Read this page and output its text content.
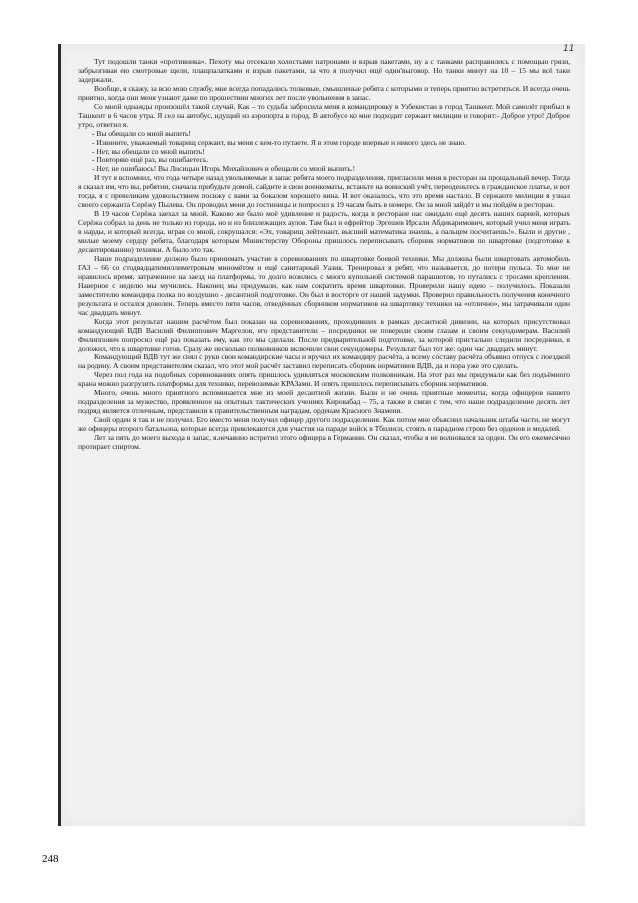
11

Тут подошли танки «противника». Пехоту мы отсекали холостыми патронами и взрыв пакетами, ну а с танками расправились с помощью грязи, забрызгивая ею смотровые щели, плащпалатками и взрыв пакетами, за что я получил ещё один'выговор. Но танки минут на 10 – 15 мы всё таки задержали.

Вообще, я скажу, за всю мою службу, мне всегда попадались толковые, смышленые ребята с которыми и теперь приятно встретиться. И всегда очень приятно, когда они меня узнают даже по прошествии многих лет после увольнения в запас.

Со мной однажды произошёл такой случай. Как – то судьба забросила меня в командировку в Узбекистан в город Ташкент. Мой самолёт прибыл в Ташкент в 6 часов утра. Я сел на автобус, идущий из аэропорта в город. В автобусе ко мне подходит сержант милиции и говорит:- Доброе утро! Доброе утро, ответил я.

- Вы обещали со мной выпить!
- Извините, уважаемый товарищ сержант, вы меня с кем-то путаете. Я в этом городе впервые и никого здесь не знаю.
- Нет, вы обещали со мной выпить!
- Повторяю ещё раз, вы ошибаетесь.
- Нет, не ошибаюсь! Вы Лисицын Игорь Михайлович и обещали со мной выпить.!

И тут я вспомнил, что года четыре назад увольняемые в запас ребята моего подразделения, пригласили меня в ресторан на прощальный вечер. Тогда я сказал им, что вы, ребятни, сначала прибудьте домой, сайдите в свои военкоматы, встаньте на воинский учёт, переоденьтесь в гражданское платье, и вот тогда, я с превеликим удовольствием посижу с вами за бокалом хорошего вина. И вот оказалось, что это время настало. В сержанте милиции я узнал своего сержанта Серёжу Пылева. Он проводил меня до гостиницы и попросил к 19 часам быть в номере. Он за мной зайдёт и мы пойдём в ресторан.

В 19 часов Серёжа заехал за мной. Каково же было моё удивление и радость, когда в ресторане нас ожидало ещё десять наших парней, которых Серёжа собрал за день не только из города, но и из близлежащих аулов. Там был и ефрейтор Эргешев Ирсали Абдикаримович, который учил меня играть в нарды, и который всегда, играя со мной, сокрушался: «Эх, товарищ лейтенант, высший математика знаешь, а пальцем посчитаешь!». Были и другие , милые моему сердцу ребята, благодаря которым Министерству Обороны пришлось переписывать сборник нормативов по швартовке (подготовке к десантированию) техники. А было это так.

Наше подразделение должно было принимать участие в соревнованиях по швартовке боевой техники. Мы должны были швартовать автомобиль ГАЗ – 66 со стодвадцатимиллиметровым миномётом и ещё санитарный Уазик. Тренировал я ребят, что называется, до потери пульса. То мне не нравилось время, затраченное на заезд на платформы, то долго возились с много купольной системой парашютов, то путались с тросами крепления. Наверное с неделю мы мучились. Наконец мы придумали, как нам сократить время швартовки. Проверили нашу идею – получилось. Показали заместителю командира полка по воздушно - десантной подготовке. Он был в восторге от нашей задумки. Проверил правильность получения конечного результата и остался доволен. Теперь вместо пяти часов, отведённых сборником нормативов на швартовку техники на «отлично», мы затрачивали один час двадцать минут.

Когда этот результат нашим расчётом был показан на соревнованиях, проходивших в рамках десантной дивизии, на которых присутствовал командующий ВДВ Василий Филиппович Маргелов, его представители – посредники не поверили своим глазам и своим секундомерам. Василий Филиппович попросил ещё раз показать ему, как это мы сделали. После предварительной подготовке, за которой пристально следили посредники, я доложил, что к швартовке готов. Сразу же несколько полковников включили свои секундомеры. Результат был тот же: один час двадцать минут.

Командующий ВДВ тут же снял с руки свои командирские часы и вручил их командиру расчёта, а всему составу расчёта объявил отпуск с поездкой на родину. А своим представителям сказал, что этот мой расчёт заставил переписать сборник нормативов ВДВ, да и пора уже это сделать.

Через пол года на подобных соревнованиях опять пришлось удивляться московским полковникам. На этот раз мы придумали как без подъёмного крана можно разгрузить платформы для техники, перевозимые КРАЗами. И опять пришлось переписывать сборник нормативов.

Много, очень много приятного вспоминается мне из моей десантной жизни. Были и не очень приятные моменты, когда офицеров нашего подразделения за мужество, проявленное на опытных тактических учениях Кировабад – 75, а также в связи с тем, что наше подразделение десять лет подряд является отличным, представили к правительственным наградам, орденам Красного Знамени.

Свой орден я так и не получил. Его вместо меня получил офицер другого подразделения. Как потом мне объяснил начальник штаба части, не могут же офицеры второго батальона, которые всегда привлекаются для участия на параде войск в Тбилиси, стоять в парадном строю без орденов и медалей.

Лет за пять до моего выхода в запас, я.нечаянно встретил этого офицера в Германии. Он сказал, чтобы я не волновался за орден. Он его ежемесячно протирает спиртом.

248
